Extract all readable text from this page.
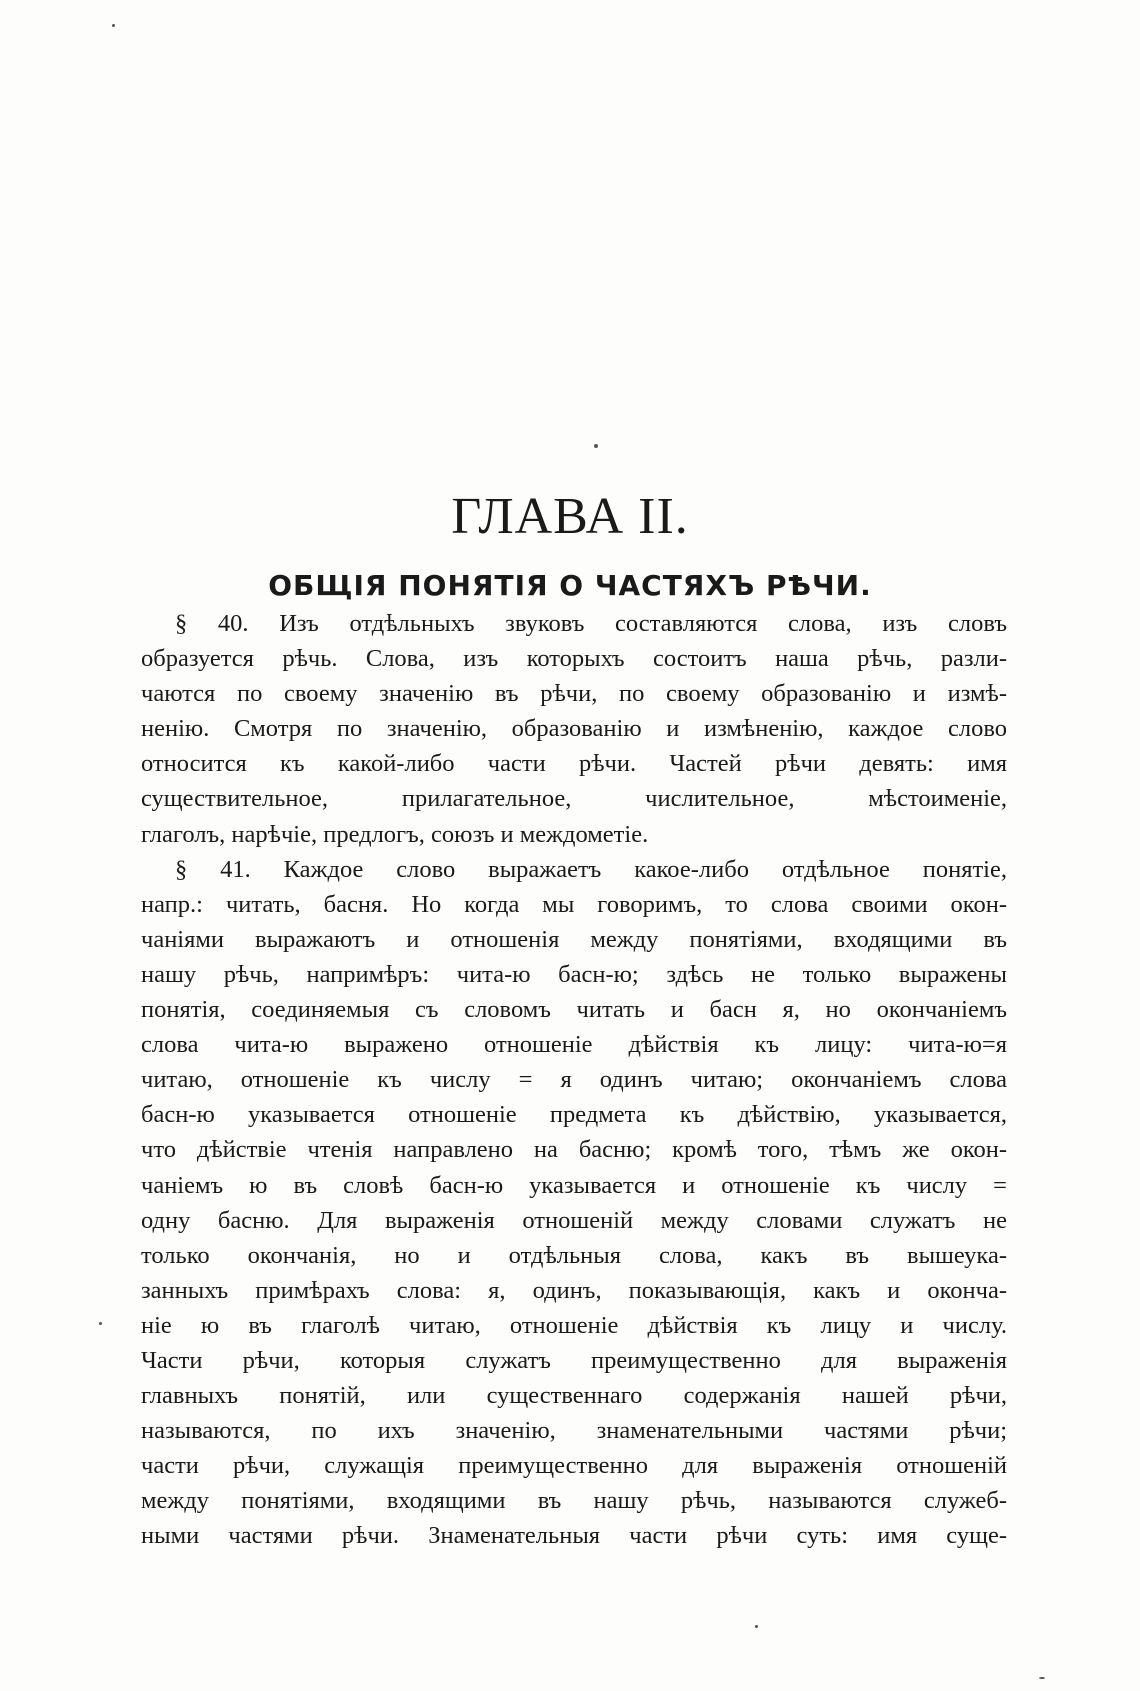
ГЛАВА II.
ОБЩІЯ ПОНЯТІЯ О ЧАСТЯХЪ РѢЧИ.
§ 40. Изъ отдѣльныхъ звуковъ составляются слова, изъ словъ
образуется рѣчь. Слова, изъ которыхъ состоитъ наша рѣчь, разли-
чаются по своему значенію въ рѣчи, по своему образованію и измѣ-
ненію. Смотря по значенію, образованію и измѣненію, каждое слово
относится къ какой-либо части рѣчи. Частей рѣчи девять: имя
существительное, прилагательное, числительное, мѣстоименіе,
глаголъ, нарѣчіе, предлогъ, союзъ и междометіе.
§ 41. Каждое слово выражаетъ какое-либо отдѣльное понятіе,
напр.: читать, басня. Но когда мы говоримъ, то слова своими окон-
чаніями выражаютъ и отношенія между понятіями, входящими въ
нашу рѣчь, напримѣръ: чита-ю басн-ю; здѣсь не только выражены
понятія, соединяемыя съ словомъ читать и басн я, но окончаніемъ
слова чита-ю выражено отношеніе дѣйствія къ лицу: чита-ю=я
читаю, отношеніе къ числу = я одинъ читаю; окончаніемъ слова
басн-ю указывается отношеніе предмета къ дѣйствію, указывается,
что дѣйствіе чтенія направлено на басню; кромѣ того, тѣмъ же окон-
чаніемъ ю въ словѣ басн-ю указывается и отношеніе къ числу =
одну басню. Для выраженія отношеній между словами служатъ не
только окончанія, но и отдѣльныя слова, какъ въ вышеука-
занныхъ примѣрахъ слова: я, одинъ, показывающія, какъ и оконча-
ніе ю въ глаголѣ читаю, отношеніе дѣйствія къ лицу и числу.
Части рѣчи, которыя служатъ преимущественно для выраженія
главныхъ понятій, или существеннаго содержанія нашей рѣчи,
называются, по ихъ значенію, знаменательными частями рѣчи;
части рѣчи, служащія преимущественно для выраженія отношеній
между понятіями, входящими въ нашу рѣчь, называются служеб-
ными частями рѣчи. Знаменательныя части рѣчи суть: имя суще-
